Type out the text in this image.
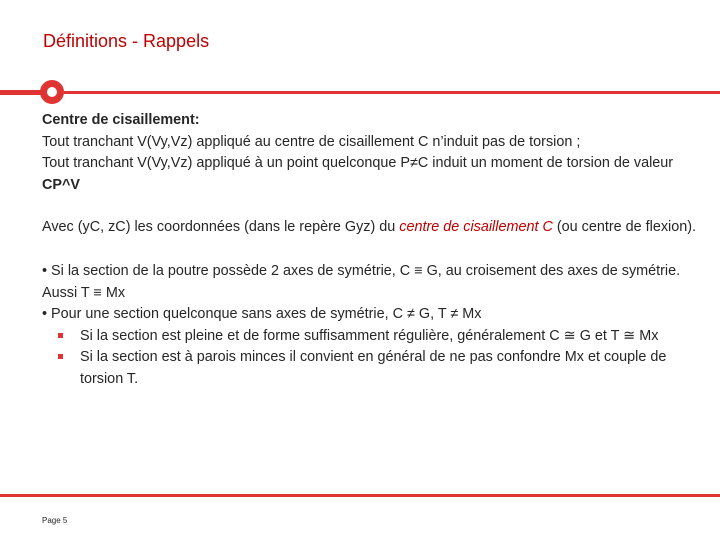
Définitions - Rappels

Centre de cisaillement:

Tout tranchant V(Vy,Vz) appliqué au centre de cisaillement C n’induit pas de torsion ;

Tout tranchant V(Vy,Vz) appliqué à un point quelconque P≠C induit un moment de torsion de valeur CP^V

Avec (yC, zC) les coordonnées (dans le repère Gyz) du centre de cisaillement C (ou centre de flexion).

• Si la section de la poutre possède 2 axes de symétrie, C ≡ G, au croisement des axes de symétrie. Aussi T ≡ Mx

• Pour une section quelconque sans axes de symétrie, C ≠ G, T ≠ Mx

Si la section est pleine et de forme suffisamment régulière, généralement C ≅ G et T ≅ Mx
Si la section est à parois minces il convient en général de ne pas confondre Mx et couple de torsion T.
Page 5
